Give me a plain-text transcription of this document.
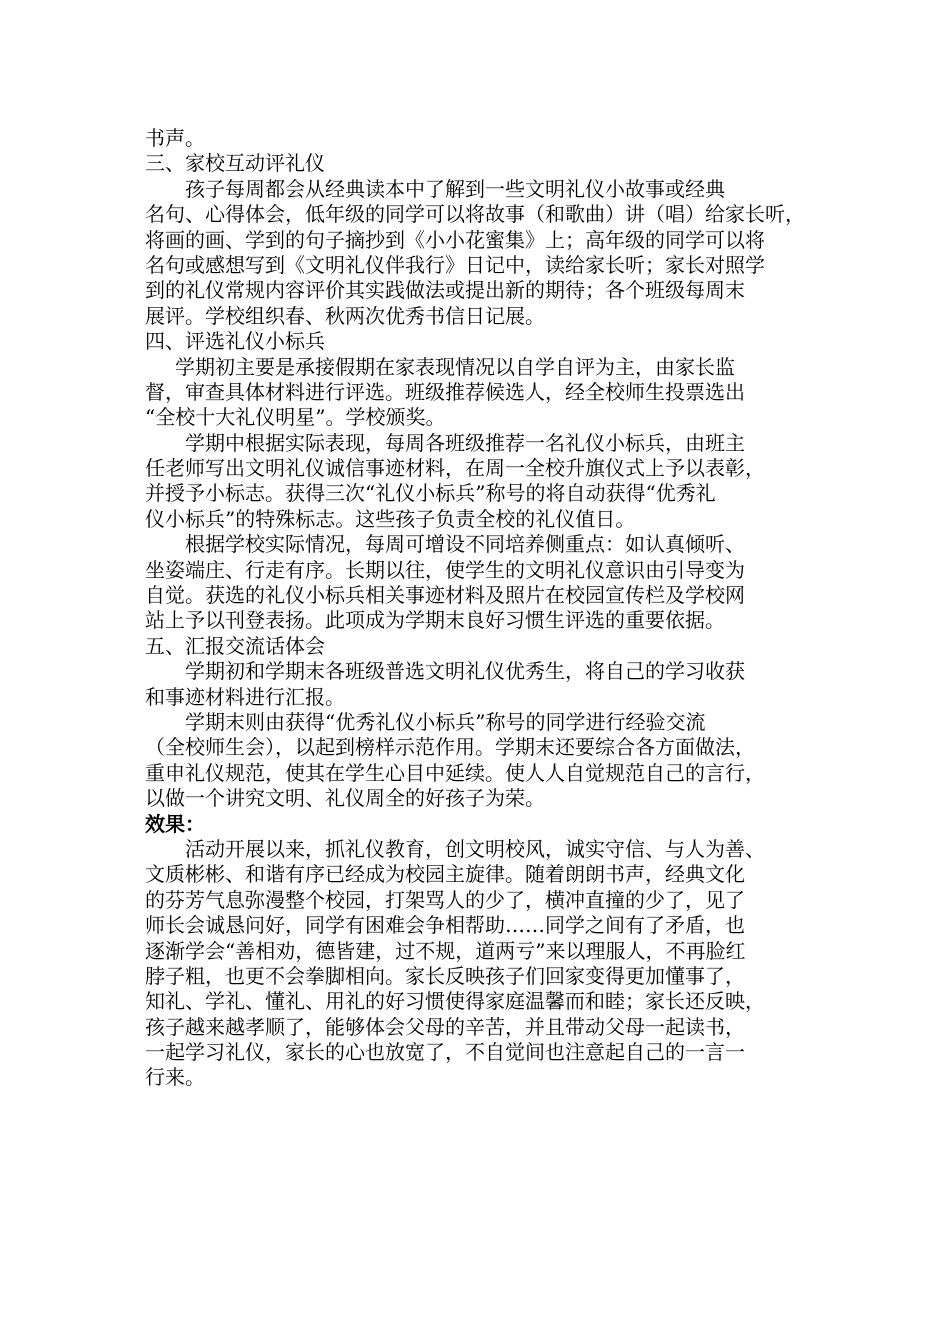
书声。
三、家校互动评礼仪
孩子每周都会从经典读本中了解到一些文明礼仪小故事或经典
名句、心得体会，低年级的同学可以将故事（和歌曲）讲（唱）给家长听，
将画的画、学到的句子摘抄到《小小花蜜集》上；高年级的同学可以将
名句或感想写到《文明礼仪伴我行》日记中，读给家长听；家长对照学
到的礼仪常规内容评价其实践做法或提出新的期待；各个班级每周末
展评。学校组织春、秋两次优秀书信日记展。
四、评选礼仪小标兵
学期初主要是承接假期在家表现情况以自学自评为主，由家长监
督，审查具体材料进行评选。班级推荐候选人，经全校师生投票选出
“全校十大礼仪明星”。学校颁奖。
学期中根据实际表现，每周各班级推荐一名礼仪小标兵，由班主
任老师写出文明礼仪诚信事迹材料，在周一全校升旗仪式上予以表彰，
并授予小标志。获得三次“礼仪小标兵”称号的将自动获得“优秀礼
仪小标兵”的特殊标志。这些孩子负责全校的礼仪值日。
根据学校实际情况，每周可增设不同培养侧重点：如认真倾听、
坐姿端庄、行走有序。长期以往，使学生的文明礼仪意识由引导变为
自觉。获选的礼仪小标兵相关事迹材料及照片在校园宣传栏及学校网
站上予以刊登表扬。此项成为学期末良好习惯生评选的重要依据。
五、汇报交流话体会
学期初和学期末各班级普选文明礼仪优秀生，将自己的学习收获
和事迹材料进行汇报。
学期末则由获得“优秀礼仪小标兵”称号的同学进行经验交流
（全校师生会），以起到榜样示范作用。学期末还要综合各方面做法，
重申礼仪规范，使其在学生心目中延续。使人人自觉规范自己的言行，
以做一个讲究文明、礼仪周全的好孩子为荣。
效果：
活动开展以来，抓礼仪教育，创文明校风，诚实守信、与人为善、
文质彬彬、和谐有序已经成为校园主旋律。随着朗朗书声，经典文化
的芬芳气息弥漫整个校园，打架骂人的少了，横冲直撞的少了，见了
师长会诚恳问好，同学有困难会争相帮助……同学之间有了矛盾，也
逐渐学会“善相劝，德皆建，过不规，道两亏”来以理服人，不再脸红
脖子粗，也更不会拳脚相向。家长反映孩子们回家变得更加懂事了，
知礼、学礼、懂礼、用礼的好习惯使得家庭温馨而和睦；家长还反映，
孩子越来越孝顺了，能够体会父母的辛苦，并且带动父母一起读书，
一起学习礼仪，家长的心也放宽了，不自觉间也注意起自己的一言一
行来。
